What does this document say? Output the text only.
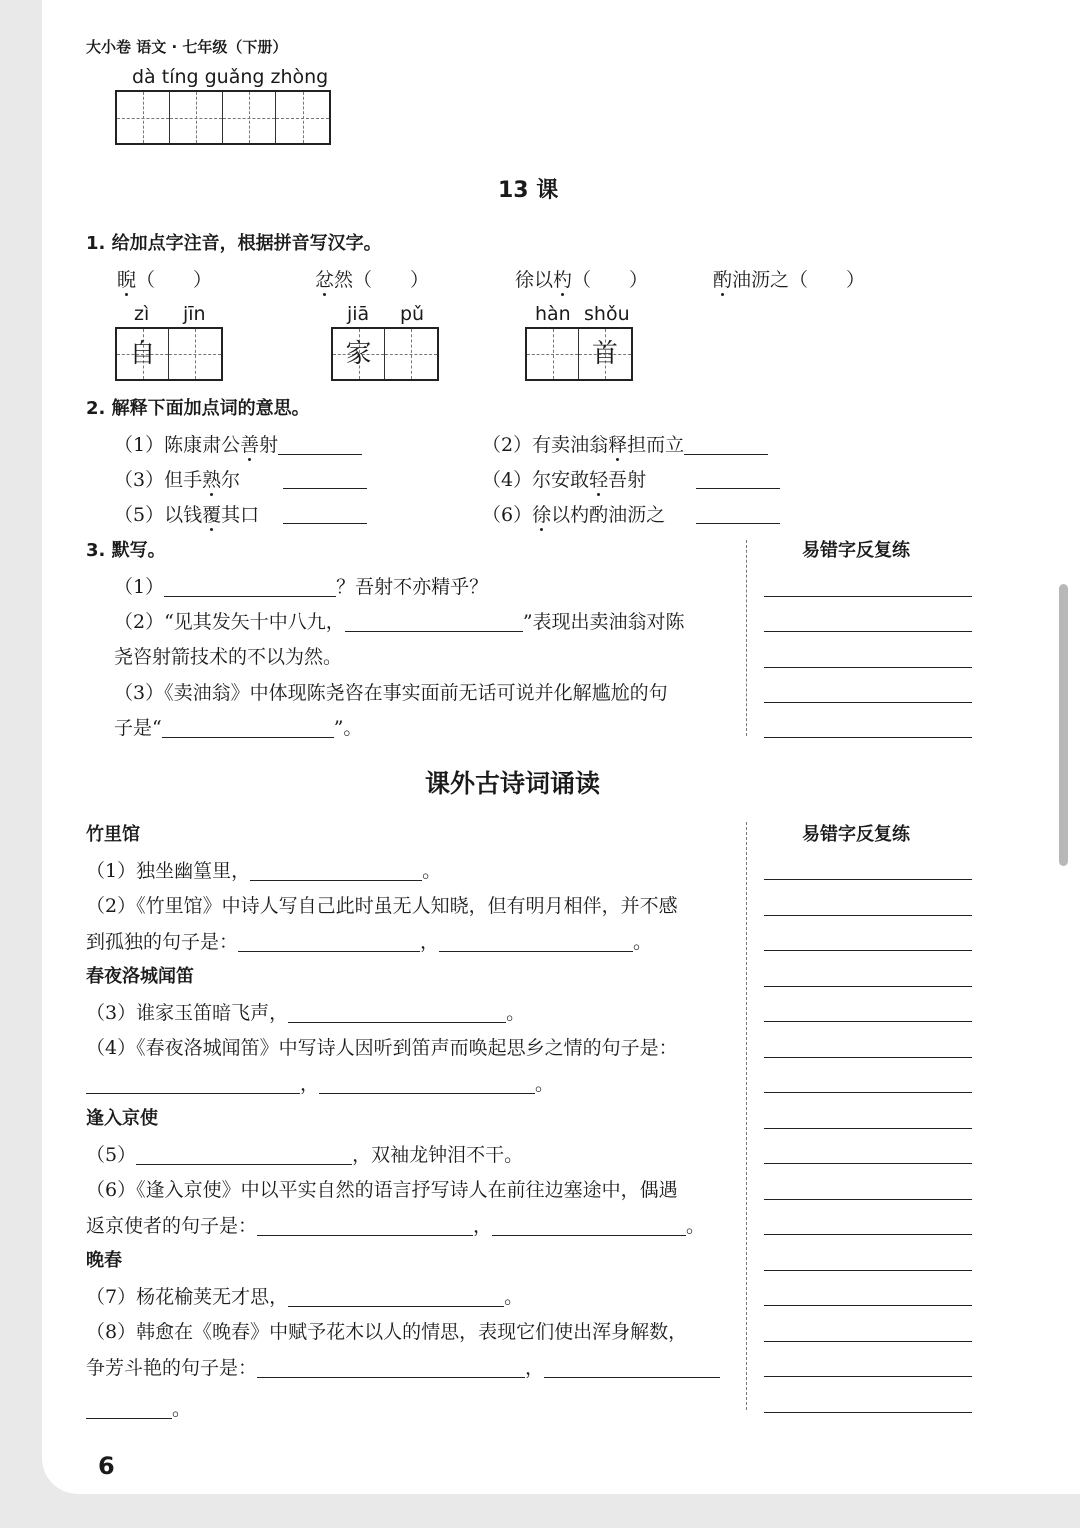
大小卷 语文 · 七年级（下册）
dà tíng guǎng zhòng
13 课
1. 给加点字注音，根据拼音写汉字。
睨（　　）	忿然（　　）	徐以杓（　　）	酌油沥之（　　）
zì jīn
自
jiā pǔ
家
hàn shǒu
首
2. 解释下面加点词的意思。
（1）陈康肃公善射	（2）有卖油翁释担而立
（3）但手熟尔	（4）尔安敢轻吾射
（5）以钱覆其口	（6）徐以杓酌油沥之
3. 默写。
（1）	？吾射不亦精乎？
（2）“见其发矢十中八九，	”表现出卖油翁对陈
尧咨射箭技术的不以为然。
（3）《卖油翁》中体现陈尧咨在事实面前无话可说并化解尴尬的句
子是“	”。
易错字反复练
课外古诗词诵读
竹里馆
（1）独坐幽篁里，	。
（2）《竹里馆》中诗人写自己此时虽无人知晓，但有明月相伴，并不感
到孤独的句子是：	，	。
春夜洛城闻笛
（3）谁家玉笛暗飞声，	。
（4）《春夜洛城闻笛》中写诗人因听到笛声而唤起思乡之情的句子是：
，	。
逢入京使
（5）	，双袖龙钟泪不干。
（6）《逢入京使》中以平实自然的语言抒写诗人在前往边塞途中，偶遇
返京使者的句子是：	，	。
晚春
（7）杨花榆荚无才思，	。
（8）韩愈在《晚春》中赋予花木以人的情思，表现它们使出浑身解数，
争芳斗艳的句子是：	，
。
易错字反复练
6
